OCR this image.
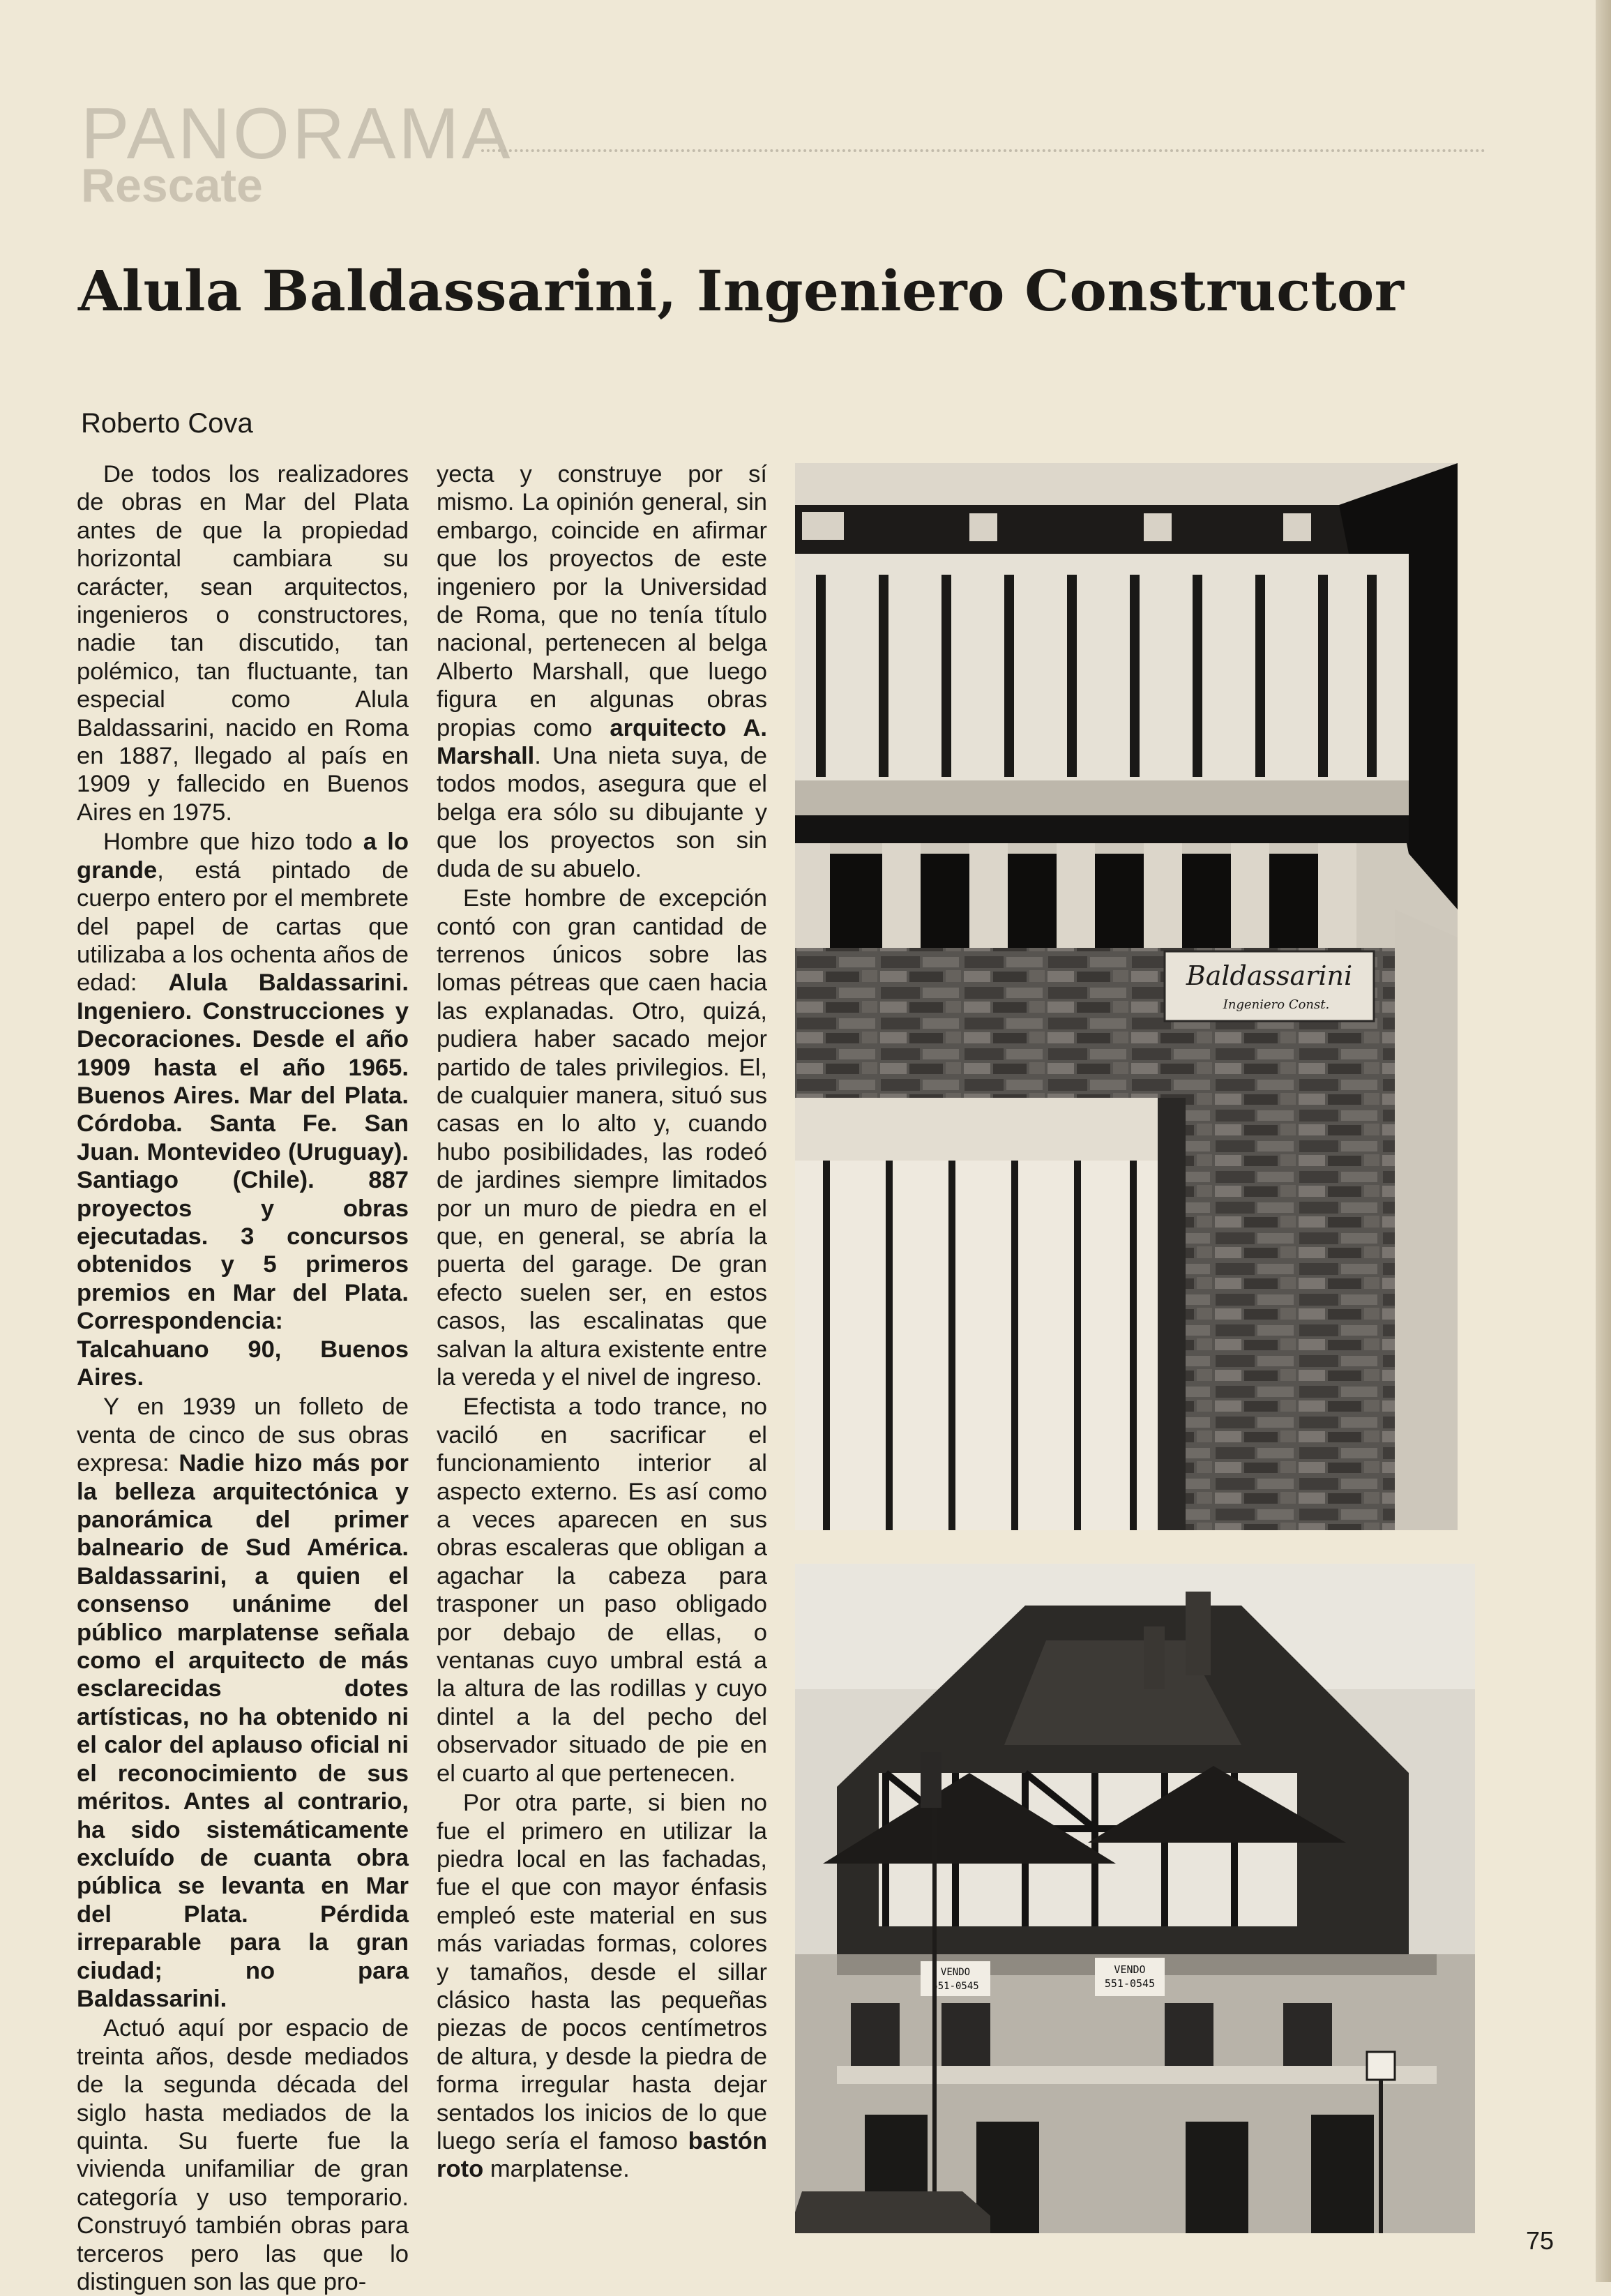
PANORAMA
Rescate
Alula Baldassarini, Ingeniero Constructor
Roberto Cova

De todos los realizadores de obras en Mar del Plata antes de que la propiedad horizontal cambiara su carácter, sean arquitectos, ingenieros o constructores, nadie tan discutido, tan polémico, tan fluctuante, tan especial como Alula Baldassarini, nacido en Roma en 1887, llegado al país en 1909 y fallecido en Buenos Aires en 1975.

Hombre que hizo todo a lo grande, está pintado de cuerpo entero por el membrete del papel de cartas que utilizaba a los ochenta años de edad: Alula Baldassarini. Ingeniero. Construcciones y Decoraciones. Desde el año 1909 hasta el año 1965. Buenos Aires. Mar del Plata. Córdoba. Santa Fe. San Juan. Montevideo (Uruguay). Santiago (Chile). 887 proyectos y obras ejecutadas. 3 concursos obtenidos y 5 primeros premios en Mar del Plata. Correspondencia: Talcahuano 90, Buenos Aires.

Y en 1939 un folleto de venta de cinco de sus obras expresa: Nadie hizo más por la belleza arquitectónica y panorámica del primer balneario de Sud América. Baldassarini, a quien el consenso unánime del público marplatense señala como el arquitecto de más esclarecidas dotes artísticas, no ha obtenido ni el calor del aplauso oficial ni el reconocimiento de sus méritos. Antes al contrario, ha sido sistemáticamente excluído de cuanta obra pública se levanta en Mar del Plata. Pérdida irreparable para la gran ciudad; no para Baldassarini.

Actuó aquí por espacio de treinta años, desde mediados de la segunda década del siglo hasta mediados de la quinta. Su fuerte fue la vivienda unifamiliar de gran categoría y uso temporario. Construyó también obras para terceros pero las que lo distinguen son las que pro-

yecta y construye por sí mismo. La opinión general, sin embargo, coincide en afirmar que los proyectos de este ingeniero por la Universidad de Roma, que no tenía título nacional, pertenecen al belga Alberto Marshall, que luego figura en algunas obras propias como arquitecto A. Marshall. Una nieta suya, de todos modos, asegura que el belga era sólo su dibujante y que los proyectos son sin duda de su abuelo.

Este hombre de excepción contó con gran cantidad de terrenos únicos sobre las lomas pétreas que caen hacia las explanadas. Otro, quizá, pudiera haber sacado mejor partido de tales privilegios. El, de cualquier manera, situó sus casas en lo alto y, cuando hubo posibilidades, las rodeó de jardines siempre limitados por un muro de piedra en el que, en general, se abría la puerta del garage. De gran efecto suelen ser, en estos casos, las escalinatas que salvan la altura existente entre la vereda y el nivel de ingreso.

Efectista a todo trance, no vaciló en sacrificar el funcionamiento interior al aspecto externo. Es así como a veces aparecen en sus obras escaleras que obligan a agachar la cabeza para trasponer un paso obligado por debajo de ellas, o ventanas cuyo umbral está a la altura de las rodillas y cuyo dintel a la del pecho del observador situado de pie en el cuarto al que pertenecen.

Por otra parte, si bien no fue el primero en utilizar la piedra local en las fachadas, fue el que con mayor énfasis empleó este material en sus más variadas formas, colores y tamaños, desde el sillar clásico hasta las pequeñas piezas de pocos centímetros de altura, y desde la piedra de forma irregular hasta dejar sentados los inicios de lo que luego sería el famoso bastón roto marplatense.

Baldassarini
Ingeniero Const.
VENDO
551-0545
VENDO
551-0545
75
